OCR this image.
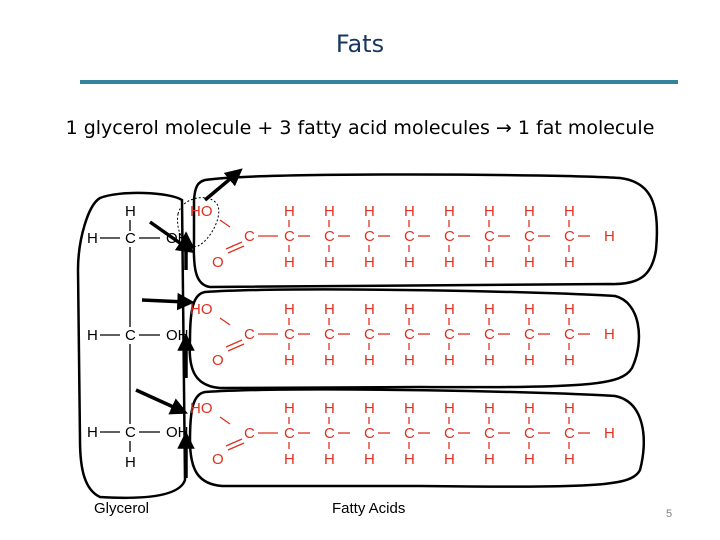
Fats
1 glycerol molecule + 3 fatty acid molecules → 1 fat molecule
H
H C OH
H C OH
H C OH
H
HO
C
O
H
C
H
H
C
H
H
C
H
H
C
H
H
C
H
H
C
H
H
C
H
H
C
H
H
HO
C
O
H
C
H
H
C
H
H
C
H
H
C
H
H
C
H
H
C
H
H
C
H
H
C
H
H
HO
C
O
H
C
H
H
C
H
H
C
H
H
C
H
H
C
H
H
C
H
H
C
H
H
C
H
H
Glycerol	Fatty Acids	5
